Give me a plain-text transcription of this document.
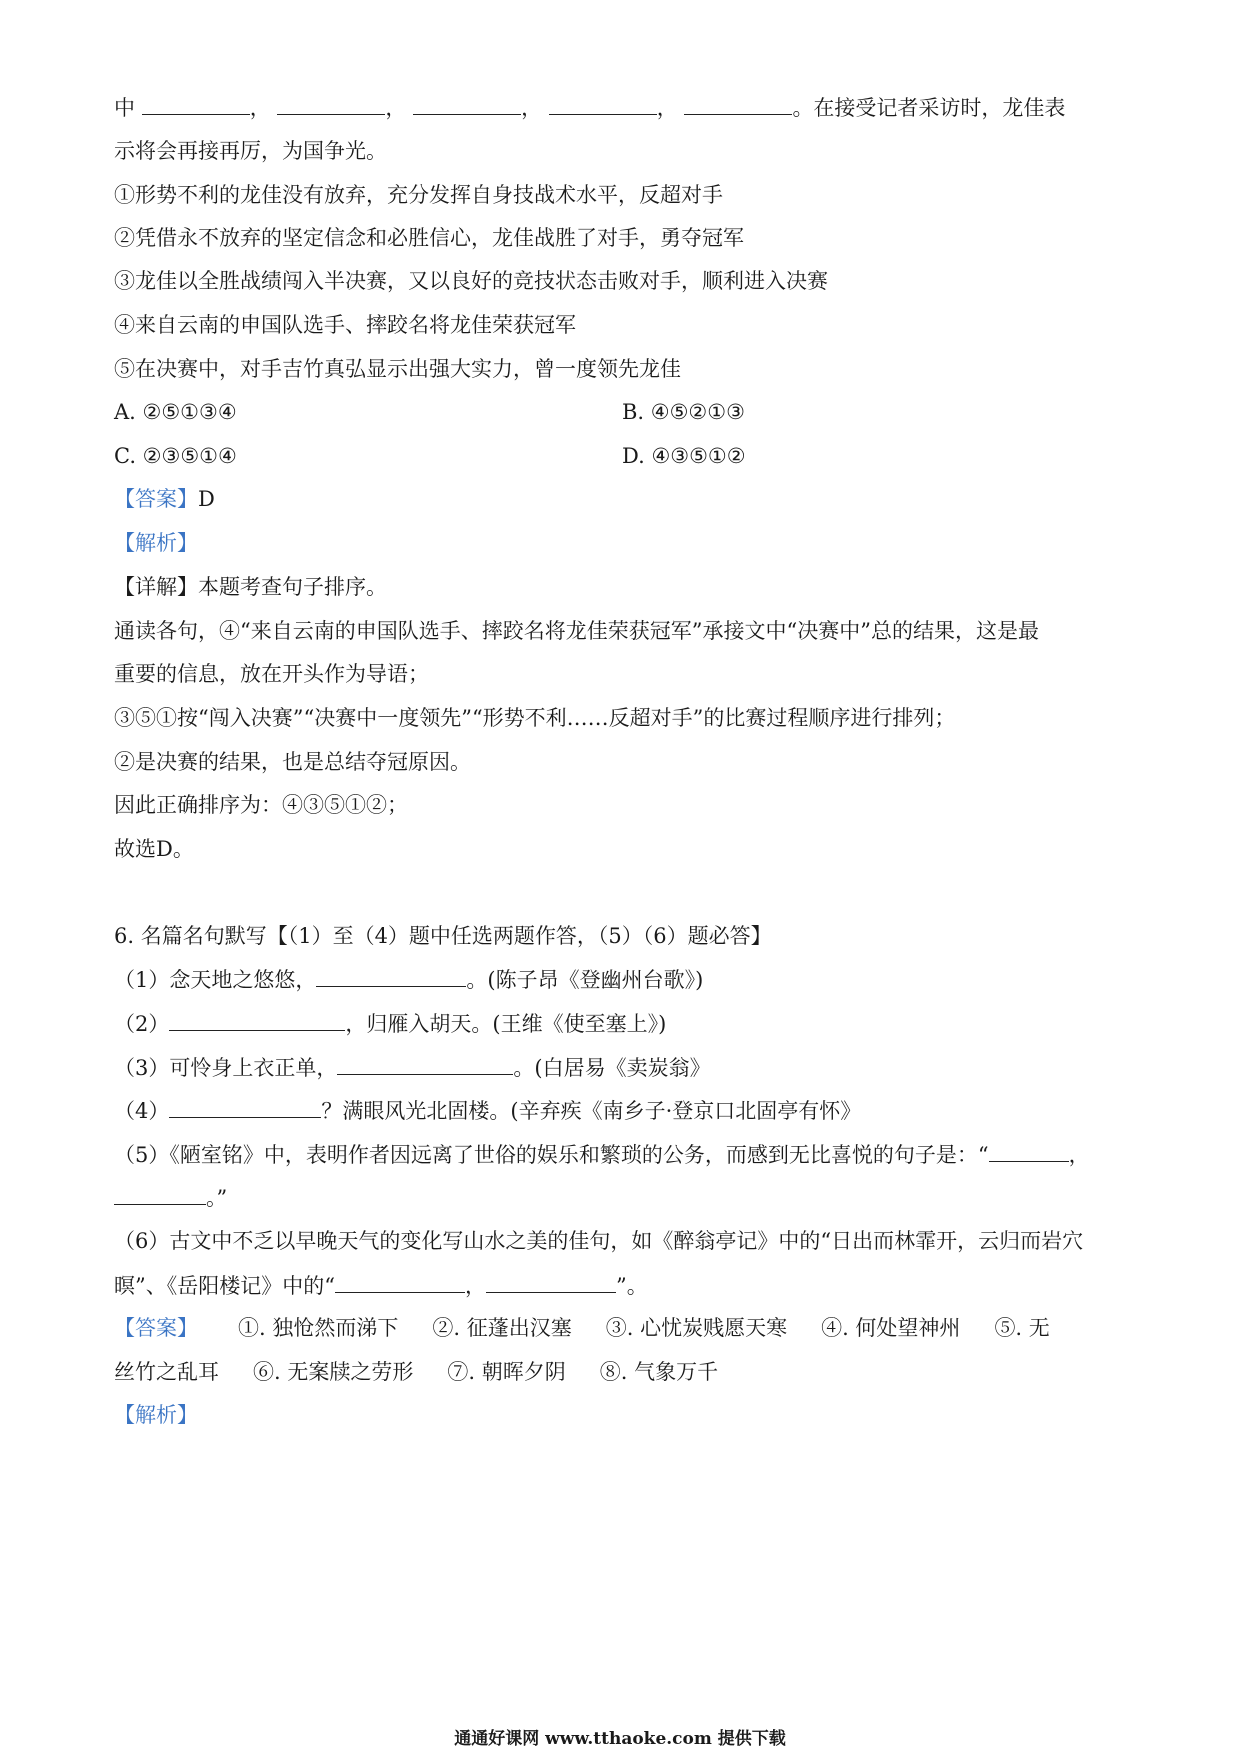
中	，	，	，	，	。在接受记者采访时，龙佳表
示将会再接再厉，为国争光。
①形势不利的龙佳没有放弃，充分发挥自身技战术水平，反超对手
②凭借永不放弃的坚定信念和必胜信心，龙佳战胜了对手，勇夺冠军
③龙佳以全胜战绩闯入半决赛，又以良好的竞技状态击败对手，顺利进入决赛
④来自云南的申国队选手、摔跤名将龙佳荣获冠军
⑤在决赛中，对手吉竹真弘显示出强大实力，曾一度领先龙佳
A. ②⑤①③④	B. ④⑤②①③
C. ②③⑤①④	D. ④③⑤①②
【答案】D
【解析】
【详解】本题考查句子排序。
通读各句，④“来自云南的申国队选手、摔跤名将龙佳荣获冠军”承接文中“决赛中”总的结果，这是最
重要的信息，放在开头作为导语；
③⑤①按“闯入决赛”“决赛中一度领先”“形势不利……反超对手”的比赛过程顺序进行排列；
②是决赛的结果，也是总结夺冠原因。
因此正确排序为：④③⑤①②；
故选D。
6. 名篇名句默写【（1）至（4）题中任选两题作答，（5）（6）题必答】
（1）念天地之悠悠，	。(陈子昂《登幽州台歌》)
（2）	，归雁入胡天。(王维《使至塞上》)
（3）可怜身上衣正单，	。(白居易《卖炭翁》
（4）	？满眼风光北固楼。(辛弃疾《南乡子·登京口北固亭有怀》
（5）《陋室铭》中，表明作者因远离了世俗的娱乐和繁琐的公务，而感到无比喜悦的句子是：“	，
。”
（6）古文中不乏以早晚天气的变化写山水之美的佳句，如《醉翁亭记》中的“日出而林霏开，云归而岩穴
暝”、《岳阳楼记》中的“	，	”。
【答案】 ①. 独怆然而涕下 ②. 征蓬出汉塞 ③. 心忧炭贱愿天寒 ④. 何处望神州 ⑤. 无
丝竹之乱耳 ⑥. 无案牍之劳形 ⑦. 朝晖夕阴 ⑧. 气象万千
【解析】
通通好课网 www.tthaoke.com 提供下载
